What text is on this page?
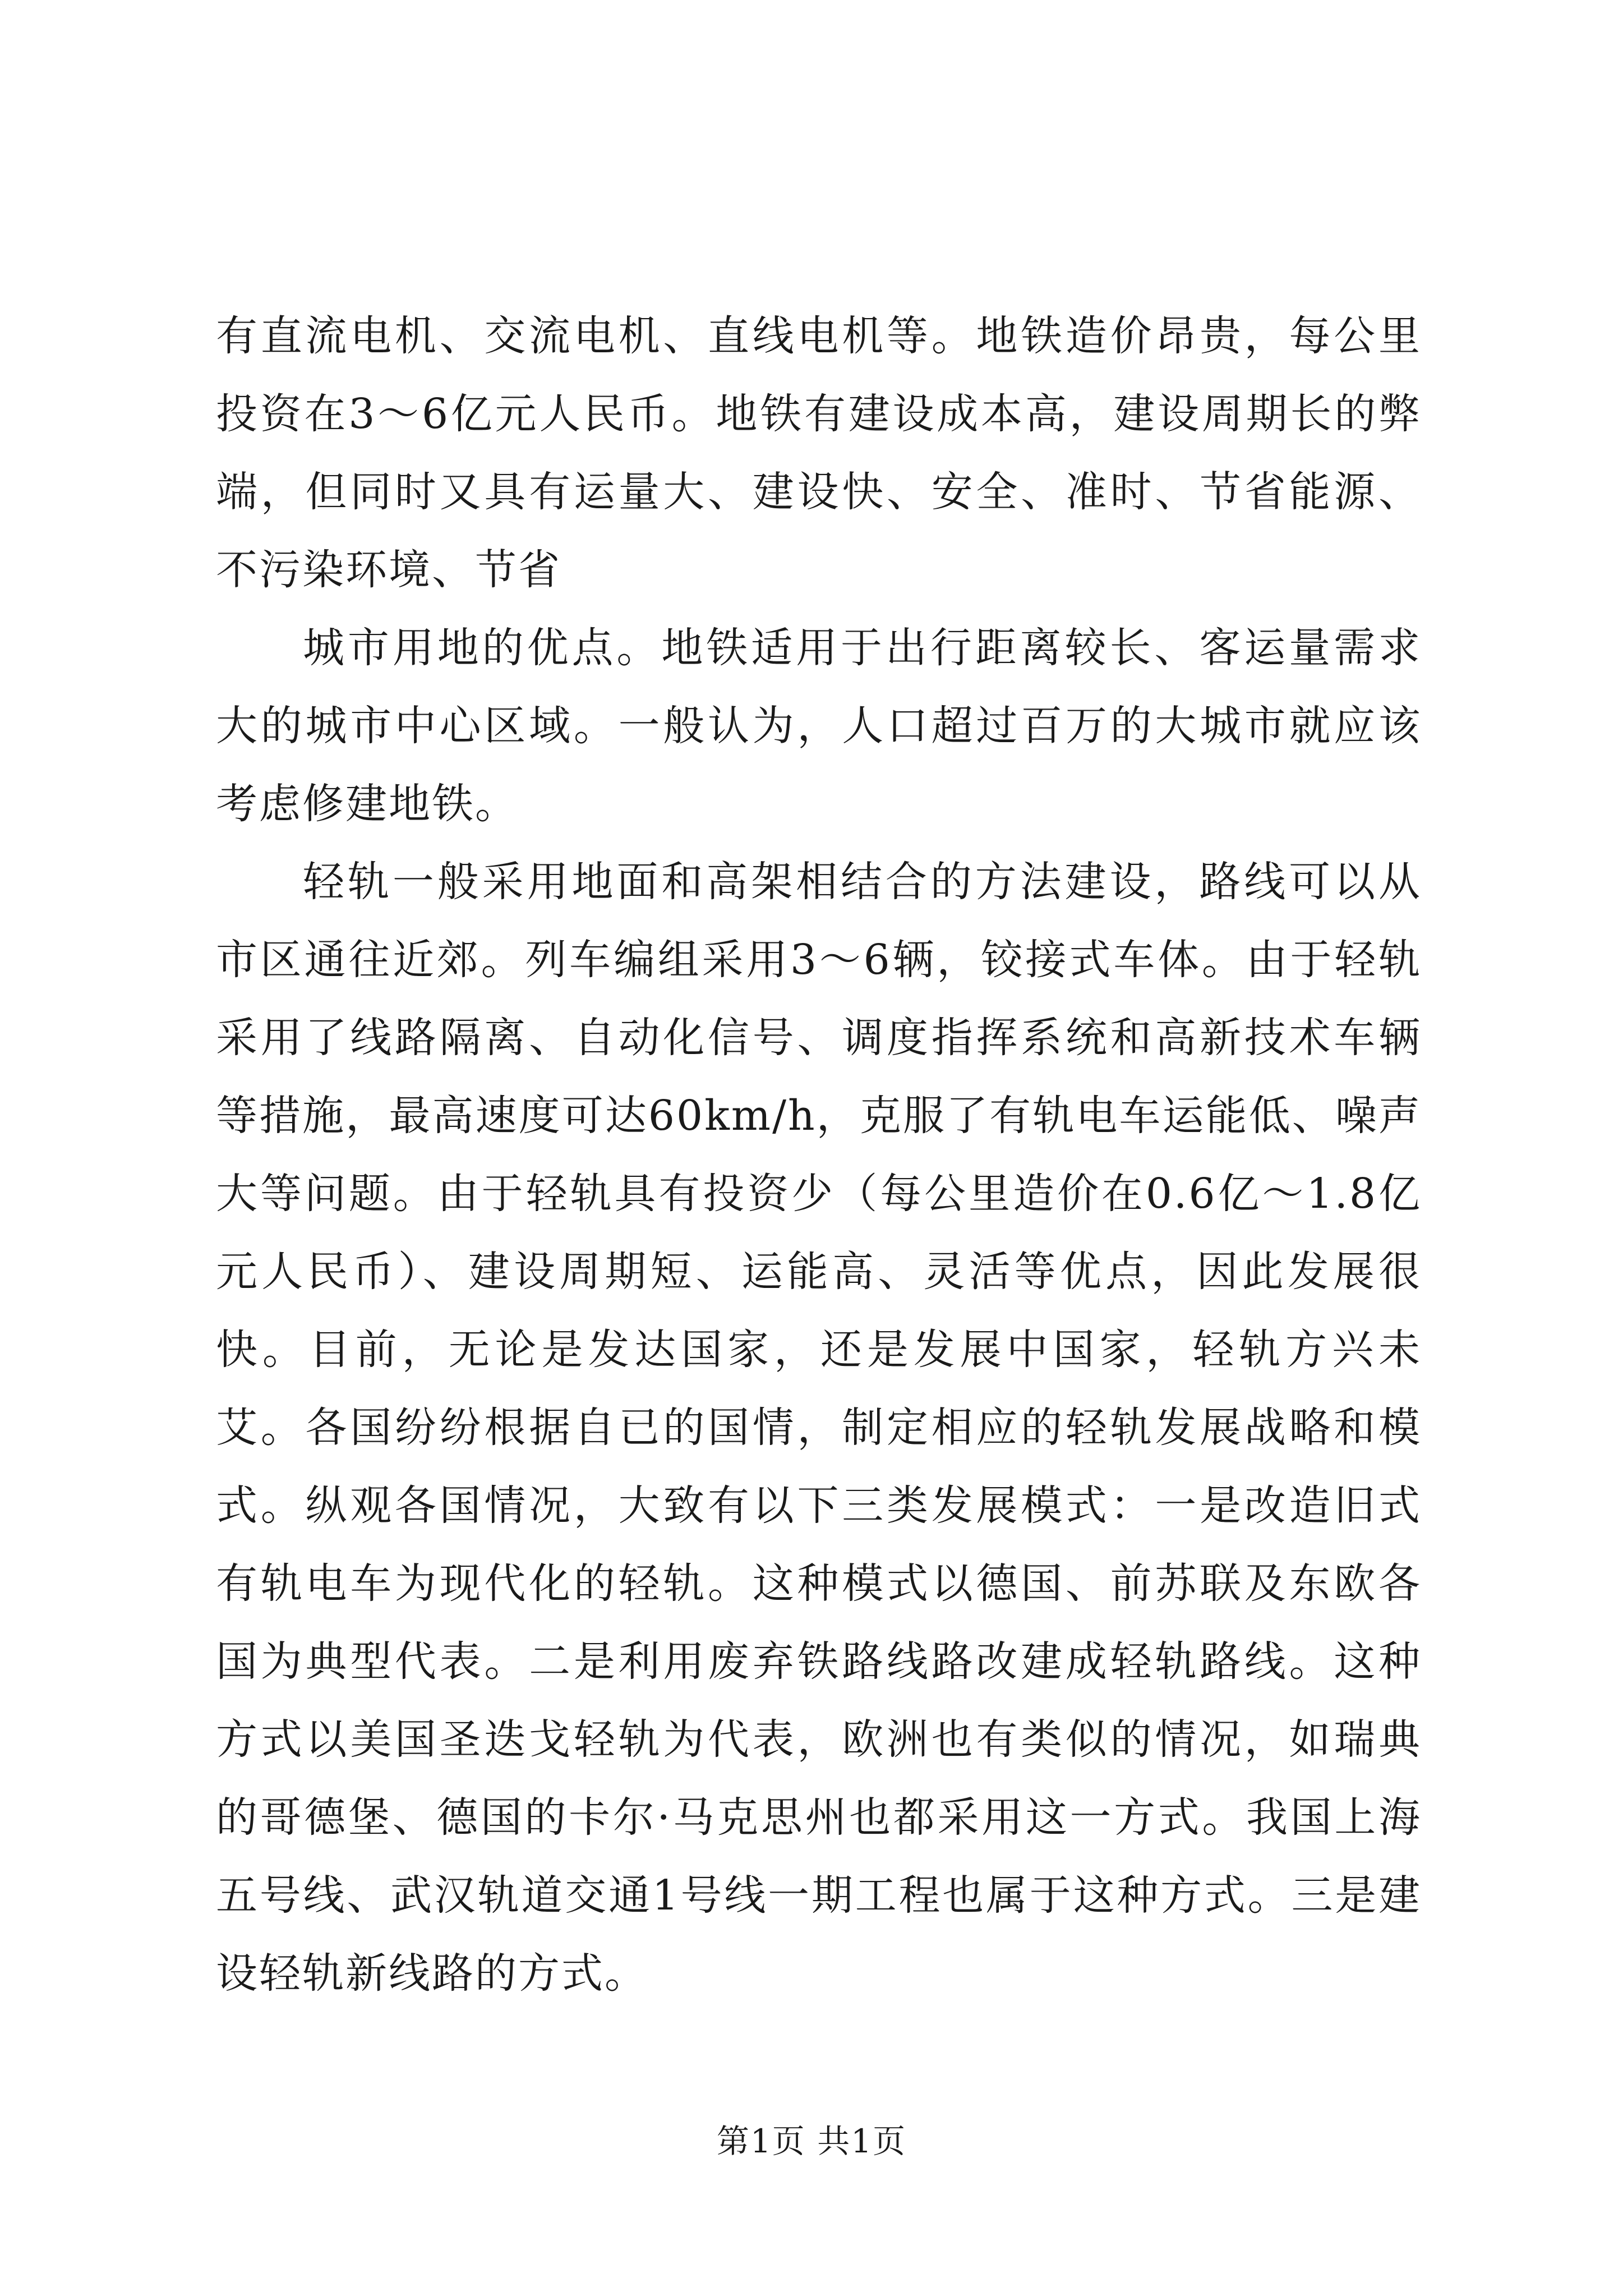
有直流电机、交流电机、直线电机等。地铁造价昂贵，每公里投资在3～6亿元人民币。地铁有建设成本高，建设周期长的弊端，但同时又具有运量大、建设快、安全、准时、节省能源、不污染环境、节省

城市用地的优点。地铁适用于出行距离较长、客运量需求大的城市中心区域。一般认为，人口超过百万的大城市就应该考虑修建地铁。

轻轨一般采用地面和高架相结合的方法建设，路线可以从市区通往近郊。列车编组采用3～6辆，铰接式车体。由于轻轨采用了线路隔离、自动化信号、调度指挥系统和高新技术车辆等措施，最高速度可达60km/h，克服了有轨电车运能低、噪声大等问题。由于轻轨具有投资少（每公里造价在0.6亿～1.8亿元人民币）、建设周期短、运能高、灵活等优点，因此发展很快。目前，无论是发达国家，还是发展中国家，轻轨方兴未艾。各国纷纷根据自已的国情，制定相应的轻轨发展战略和模式。纵观各国情况，大致有以下三类发展模式：一是改造旧式有轨电车为现代化的轻轨。这种模式以德国、前苏联及东欧各国为典型代表。二是利用废弃铁路线路改建成轻轨路线。这种方式以美国圣迭戈轻轨为代表，欧洲也有类似的情况，如瑞典的哥德堡、德国的卡尔·马克思州也都采用这一方式。我国上海五号线、武汉轨道交通1号线一期工程也属于这种方式。三是建设轻轨新线路的方式。

第1页 共1页
